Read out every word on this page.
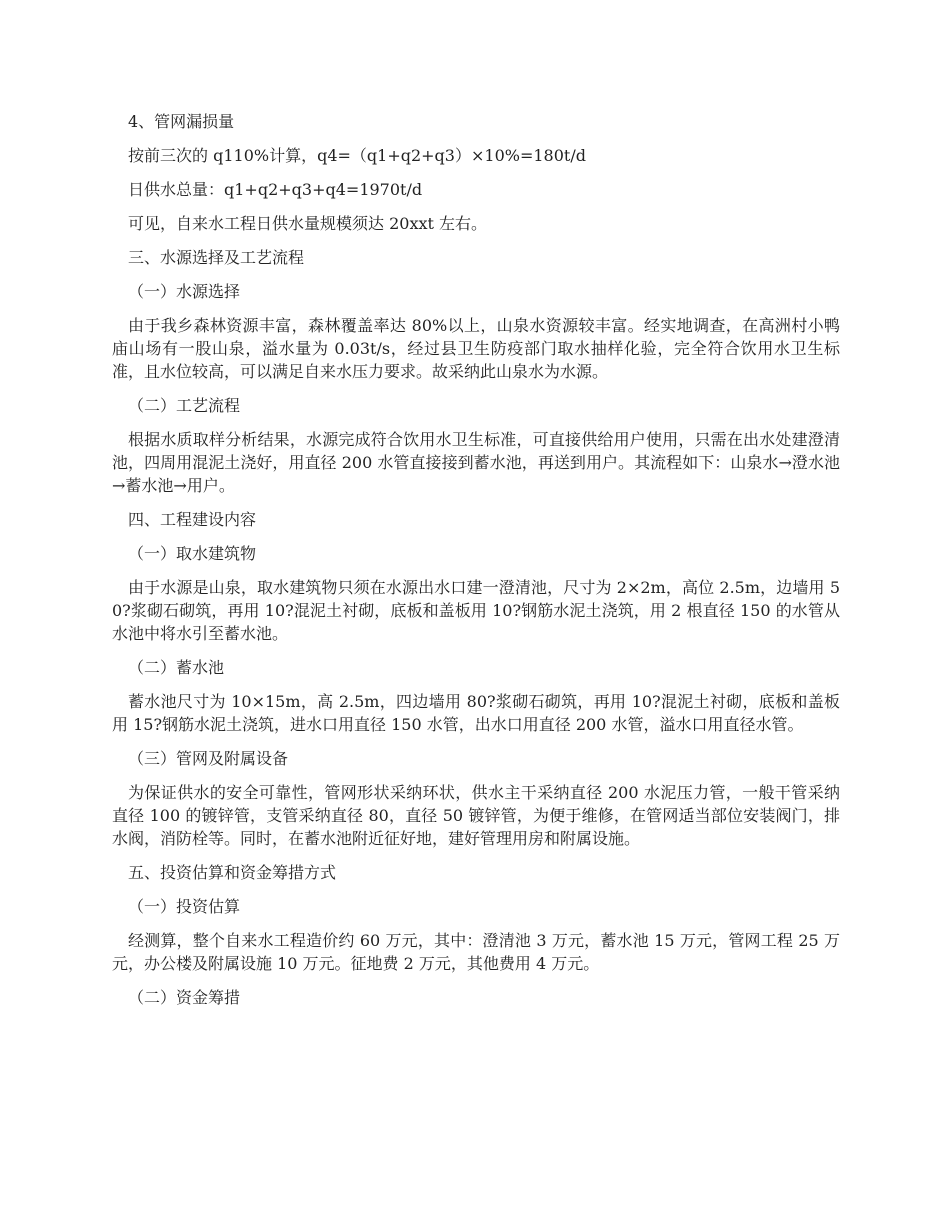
4、管网漏损量

按前三次的 q110%计算，q4=（q1+q2+q3）×10%=180t/d

日供水总量：q1+q2+q3+q4=1970t/d

可见，自来水工程日供水量规模须达 20xxt 左右。

三、水源选择及工艺流程

（一）水源选择

由于我乡森林资源丰富，森林覆盖率达 80%以上，山泉水资源较丰富。经实地调查，在高洲村小鸭庙山场有一股山泉，溢水量为 0.03t/s，经过县卫生防疫部门取水抽样化验，完全符合饮用水卫生标准，且水位较高，可以满足自来水压力要求。故采纳此山泉水为水源。

（二）工艺流程

根据水质取样分析结果，水源完成符合饮用水卫生标准，可直接供给用户使用，只需在出水处建澄清池，四周用混泥土浇好，用直径 200 水管直接接到蓄水池，再送到用户。其流程如下：山泉水→澄水池→蓄水池→用户。

四、工程建设内容

（一）取水建筑物

由于水源是山泉，取水建筑物只须在水源出水口建一澄清池，尺寸为 2×2m，高位 2.5m，边墙用 50?浆砌石砌筑，再用 10?混泥土衬砌，底板和盖板用 10?钢筋水泥土浇筑，用 2 根直径 150 的水管从水池中将水引至蓄水池。

（二）蓄水池

蓄水池尺寸为 10×15m，高 2.5m，四边墙用 80?浆砌石砌筑，再用 10?混泥土衬砌，底板和盖板用 15?钢筋水泥土浇筑，进水口用直径 150 水管，出水口用直径 200 水管，溢水口用直径水管。

（三）管网及附属设备

为保证供水的安全可靠性，管网形状采纳环状，供水主干采纳直径 200 水泥压力管，一般干管采纳直径 100 的镀锌管，支管采纳直径 80，直径 50 镀锌管，为便于维修，在管网适当部位安装阀门，排水阀，消防栓等。同时，在蓄水池附近征好地，建好管理用房和附属设施。

五、投资估算和资金筹措方式

（一）投资估算

经测算，整个自来水工程造价约 60 万元，其中：澄清池 3 万元，蓄水池 15 万元，管网工程 25 万元，办公楼及附属设施 10 万元。征地费 2 万元，其他费用 4 万元。

（二）资金筹措
